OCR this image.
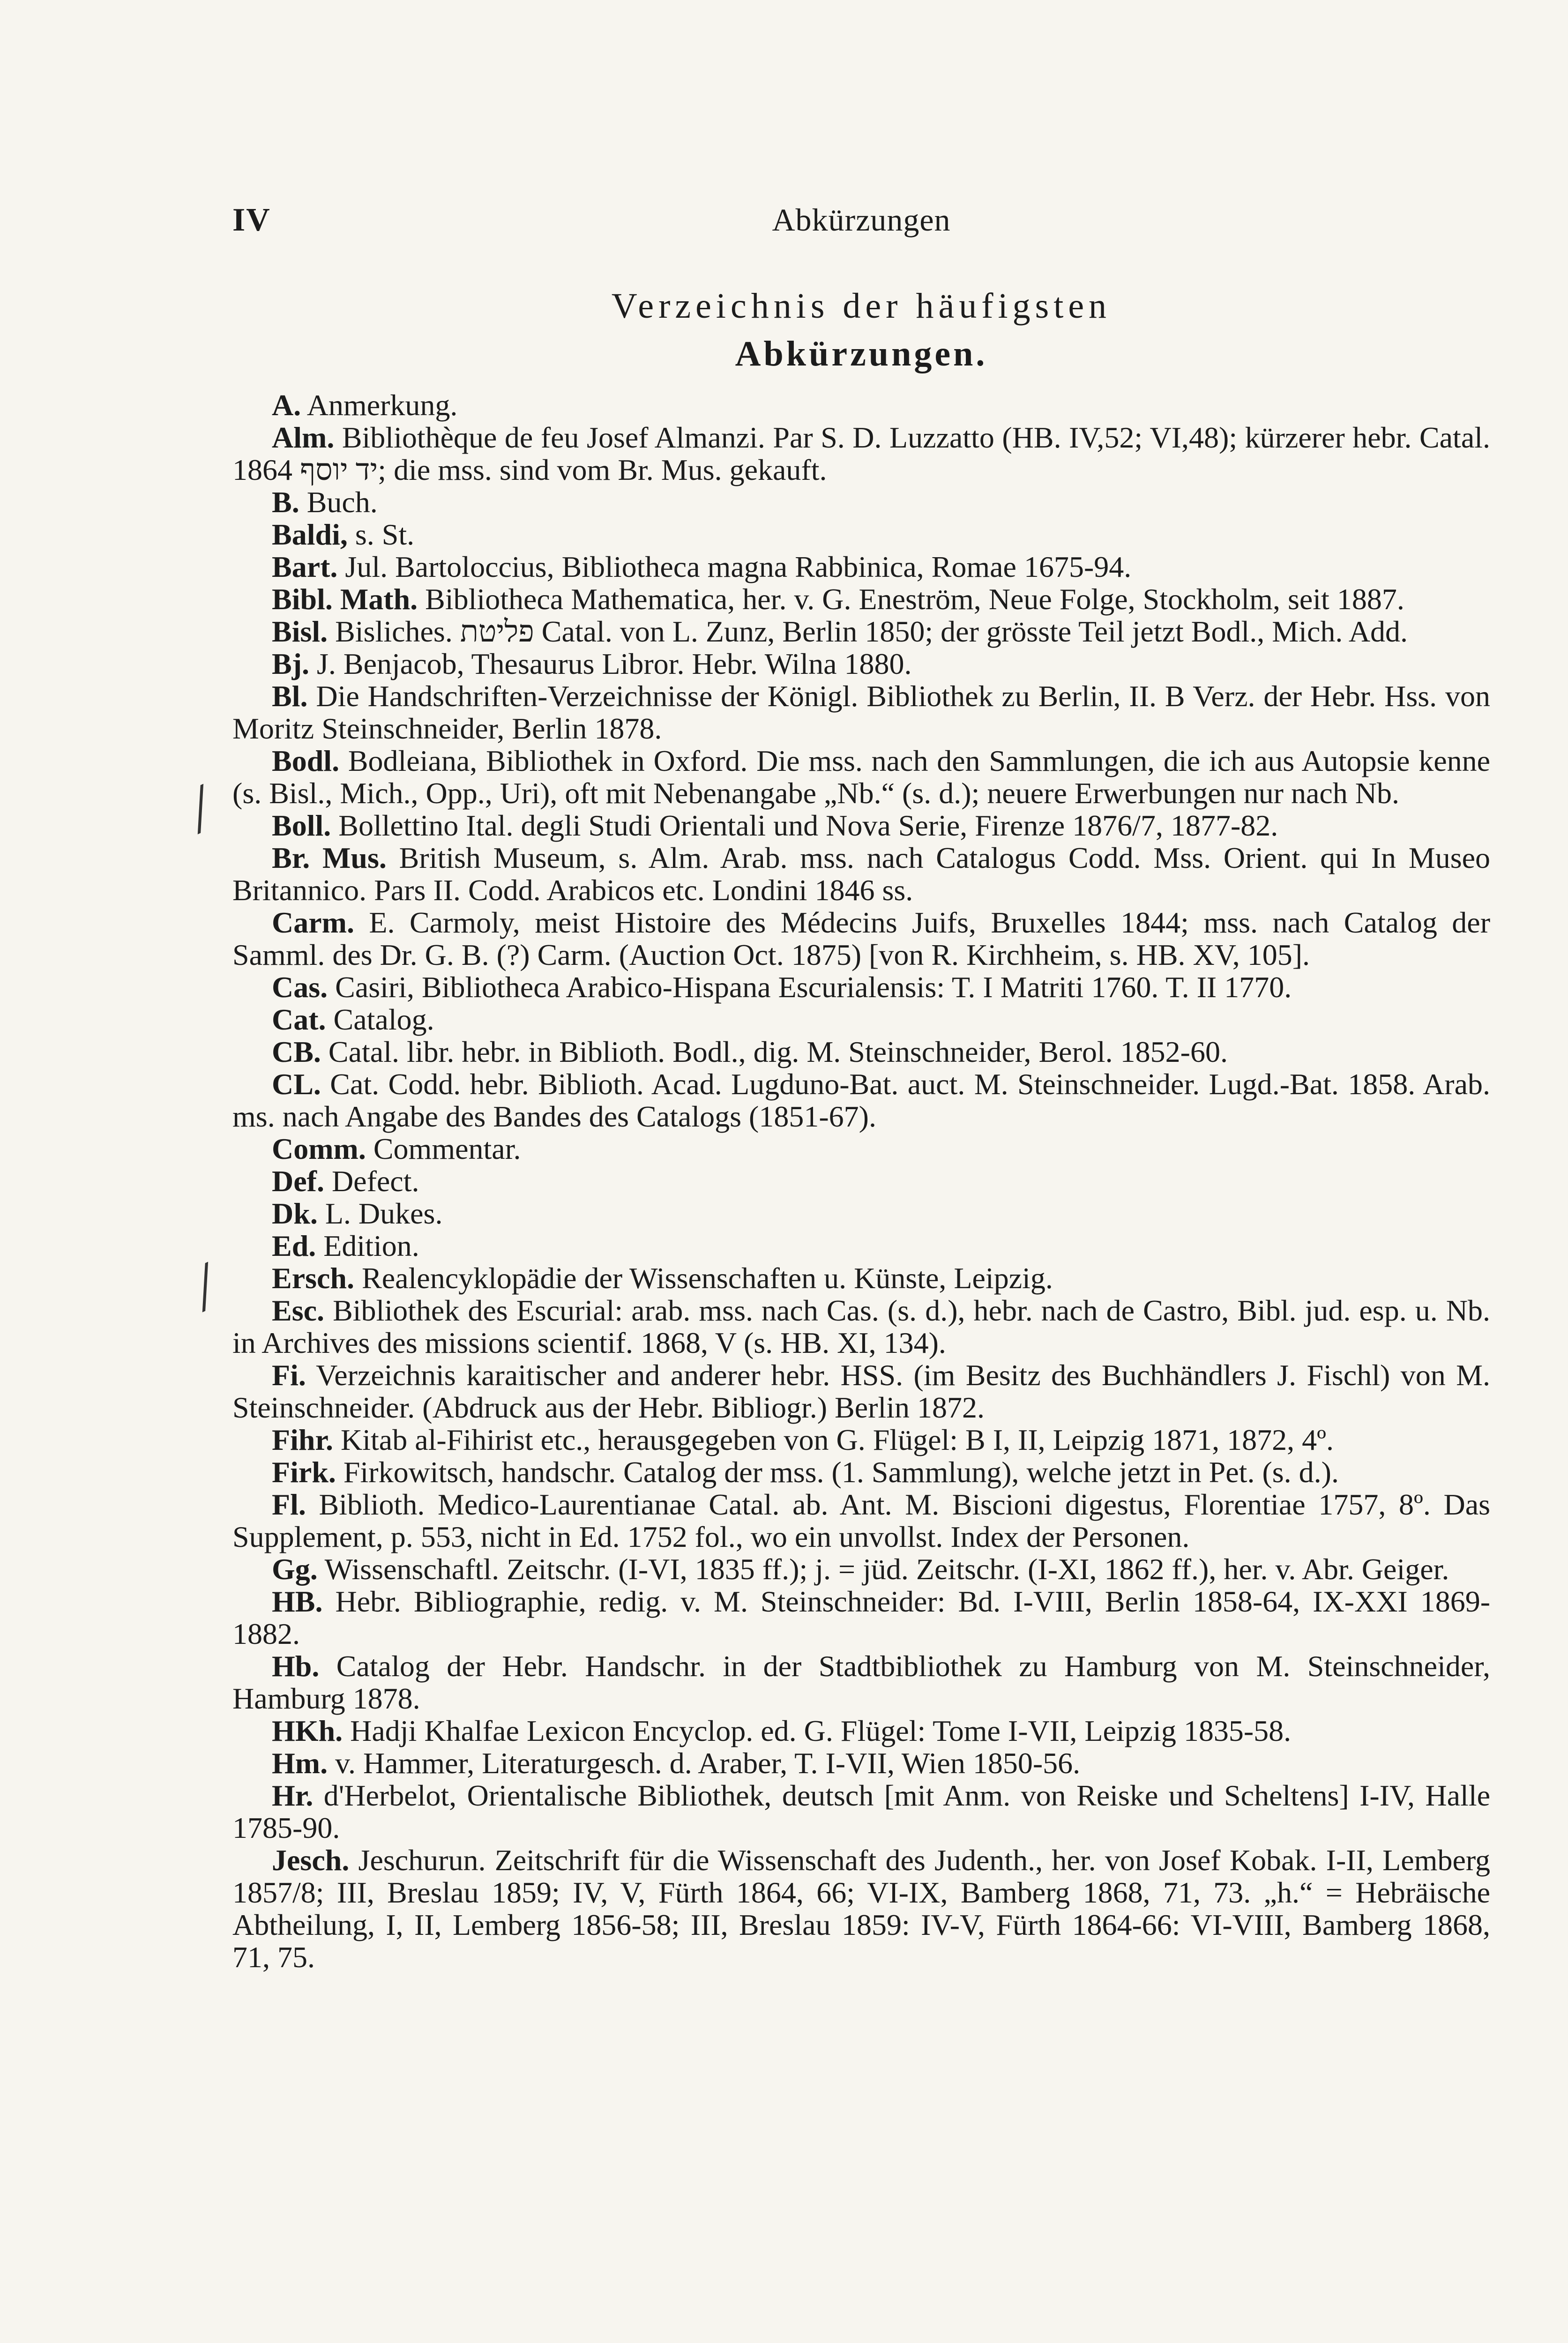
IV	Abkürzungen
Verzeichnis der häufigsten
Abkürzungen.
╱
╱

A. Anmerkung.

Alm. Bibliothèque de feu Josef Almanzi. Par S. D. Luzzatto (HB. IV,52; VI,48); kürzerer hebr. Catal. יד יוסף 1864; die mss. sind vom Br. Mus. gekauft.

B. Buch.

Baldi, s. St.

Bart. Jul. Bartoloccius, Bibliotheca magna Rabbinica, Romae 1675-94.

Bibl. Math. Bibliotheca Mathematica, her. v. G. Eneström, Neue Folge, Stockholm, seit 1887.

Bisl. Bisliches. פליטת Catal. von L. Zunz, Berlin 1850; der grösste Teil jetzt Bodl., Mich. Add.

Bj. J. Benjacob, Thesaurus Libror. Hebr. Wilna 1880.

Bl. Die Handschriften-Verzeichnisse der Königl. Bibliothek zu Berlin, II. B Verz. der Hebr. Hss. von Moritz Steinschneider, Berlin 1878.

Bodl. Bodleiana, Bibliothek in Oxford. Die mss. nach den Sammlungen, die ich aus Autopsie kenne (s. Bisl., Mich., Opp., Uri), oft mit Nebenangabe „Nb.“ (s. d.); neuere Erwerbungen nur nach Nb.

Boll. Bollettino Ital. degli Studi Orientali und Nova Serie, Firenze 1876/7, 1877-82.

Br. Mus. British Museum, s. Alm. Arab. mss. nach Catalogus Codd. Mss. Orient. qui In Museo Britannico. Pars II. Codd. Arabicos etc. Londini 1846 ss.

Carm. E. Carmoly, meist Histoire des Médecins Juifs, Bruxelles 1844; mss. nach Catalog der Samml. des Dr. G. B. (?) Carm. (Auction Oct. 1875) [von R. Kirchheim, s. HB. XV, 105].

Cas. Casiri, Bibliotheca Arabico-Hispana Escurialensis: T. I Matriti 1760. T. II 1770.

Cat. Catalog.

CB. Catal. libr. hebr. in Biblioth. Bodl., dig. M. Steinschneider, Berol. 1852-60.

CL. Cat. Codd. hebr. Biblioth. Acad. Lugduno-Bat. auct. M. Steinschneider. Lugd.-Bat. 1858. Arab. ms. nach Angabe des Bandes des Catalogs (1851-67).

Comm. Commentar.

Def. Defect.

Dk. L. Dukes.

Ed. Edition.

Ersch. Realencyklopädie der Wissenschaften u. Künste, Leipzig.

Esc. Bibliothek des Escurial: arab. mss. nach Cas. (s. d.), hebr. nach de Castro, Bibl. jud. esp. u. Nb. in Archives des missions scientif. 1868, V (s. HB. XI, 134).

Fi. Verzeichnis karaitischer and anderer hebr. HSS. (im Besitz des Buchhändlers J. Fischl) von M. Steinschneider. (Abdruck aus der Hebr. Bibliogr.) Berlin 1872.

Fihr. Kitab al-Fihirist etc., herausgegeben von G. Flügel: B I, II, Leipzig 1871, 1872, 4º.

Firk. Firkowitsch, handschr. Catalog der mss. (1. Sammlung), welche jetzt in Pet. (s. d.).

Fl. Biblioth. Medico-Laurentianae Catal. ab. Ant. M. Biscioni digestus, Florentiae 1757, 8º. Das Supplement, p. 553, nicht in Ed. 1752 fol., wo ein unvollst. Index der Personen.

Gg. Wissenschaftl. Zeitschr. (I-VI, 1835 ff.); j. = jüd. Zeitschr. (I-XI, 1862 ff.), her. v. Abr. Geiger.

HB. Hebr. Bibliographie, redig. v. M. Steinschneider: Bd. I-VIII, Berlin 1858-64, IX-XXI 1869-1882.

Hb. Catalog der Hebr. Handschr. in der Stadtbibliothek zu Hamburg von M. Steinschneider, Hamburg 1878.

HKh. Hadji Khalfae Lexicon Encyclop. ed. G. Flügel: Tome I-VII, Leipzig 1835-58.

Hm. v. Hammer, Literaturgesch. d. Araber, T. I-VII, Wien 1850-56.

Hr. d'Herbelot, Orientalische Bibliothek, deutsch [mit Anm. von Reiske und Scheltens] I-IV, Halle 1785-90.

Jesch. Jeschurun. Zeitschrift für die Wissenschaft des Judenth., her. von Josef Kobak. I-II, Lemberg 1857/8; III, Breslau 1859; IV, V, Fürth 1864, 66; VI-IX, Bamberg 1868, 71, 73. „h.“ = Hebräische Abtheilung, I, II, Lemberg 1856-58; III, Breslau 1859: IV-V, Fürth 1864-66: VI-VIII, Bamberg 1868, 71, 75.
